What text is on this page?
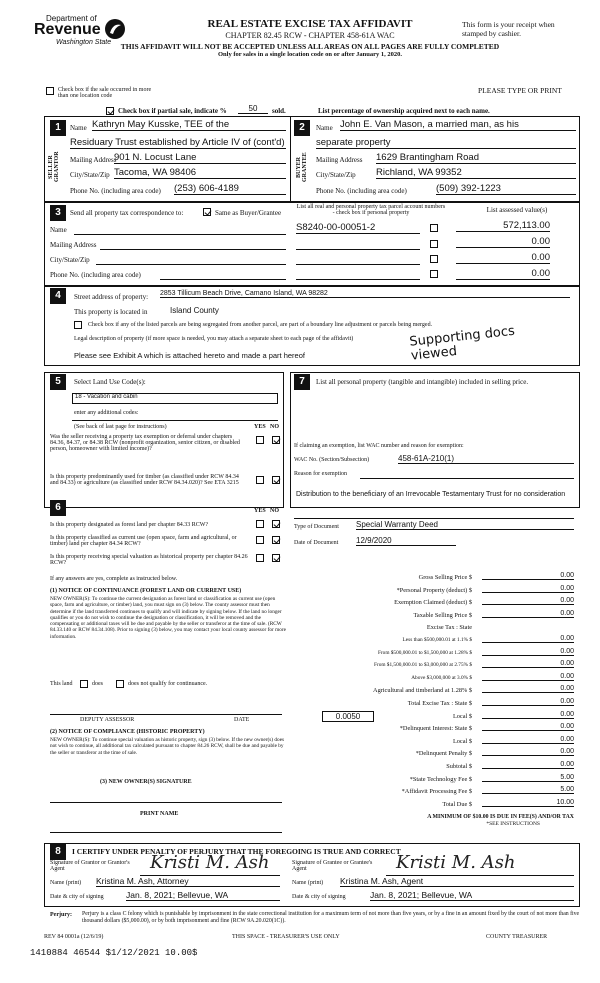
Department of
Revenue
Washington State
REAL ESTATE EXCISE TAX AFFIDAVIT
CHAPTER 82.45 RCW - CHAPTER 458-61A WAC
THIS AFFIDAVIT WILL NOT BE ACCEPTED UNLESS ALL AREAS ON ALL PAGES ARE FULLY COMPLETED
Only for sales in a single location code on or after January 1, 2020.
This form is your receipt when stamped by cashier.
PLEASE TYPE OR PRINT
Check box if the sale occurred in more than one location code
Check box if partial sale, indicate %	50	sold.	List percentage of ownership acquired next to each name.
1
SELLER GRANTOR
Name Kathryn May Kusske, TEE of the
Residuary Trust established by Article IV of (cont'd)
Mailing Address
901 N. Locust Lane
City/State/Zip Tacoma, WA 98406
Phone No. (including area code) (253) 606-4189
2
BUYER GRANTEE
Name John E. Van Mason, a married man, as his
separate property
Mailing Address 1629 Brantingham Road
City/State/Zip Richland, WA 99352
Phone No. (including area code)	(509) 392-1223
3	Send all property tax correspondence to:	Same as Buyer/Grantee
List all real and personal property tax parcel account numbers - check box if personal property	List assessed value(s)
Name
Mailing Address
City/State/Zip
Phone No. (including area code)
S8240-00-00051-2	572,113.00
0.00
0.00
0.00
4	Street address of property: 2853 Tillicum Beach Drive, Camano Island, WA 98282
This property is located in	Island County
Check box if any of the listed parcels are being segregated from another parcel, are part of a boundary line adjustment or parcels being merged.
Legal description of property (if more space is needed, you may attach a separate sheet to each page of the affidavit)
Please see Exhibit A which is attached hereto and made a part hereof
Supporting docs viewed
5	Select Land Use Code(s):
18 - Vacation and cabin
enter any additional codes:
(See back of last page for instructions)	YES NO
Was the seller receiving a property tax exemption or deferral under chapters 84.36, 84.37, or 84.38 RCW (nonprofit organization, senior citizen, or disabled person, homeowner with limited income)?
Is this property predominantly used for timber (as classified under RCW 84.34 and 84.33) or agriculture (as classified under RCW 84.34.020)? See ETA 3215
6	YES NO
Is this property designated as forest land per chapter 84.33 RCW?
Is this property classified as current use (open space, farm and agricultural, or timber) land per chapter 84.34 RCW?
Is this property receiving special valuation as historical property per chapter 84.26 RCW?
If any answers are yes, complete as instructed below.
(1) NOTICE OF CONTINUANCE (FOREST LAND OR CURRENT USE)
NEW OWNER(S): To continue the current designation as forest land or classification as current use (open space, farm and agriculture, or timber) land, you must sign on (3) below. The county assessor must then determine if the land transferred continues to qualify and will indicate by signing below. If the land no longer qualifies or you do not wish to continue the designation or classification, it will be removed and the compensating or additional taxes will be due and payable by the seller or transferor at the time of sale. (RCW 84.33.140 or RCW 84.34.108). Prior to signing (3) below, you may contact your local county assessor for more information.
This land	does	does not qualify for continuance.
DEPUTY ASSESSOR	DATE
(2) NOTICE OF COMPLIANCE (HISTORIC PROPERTY)
NEW OWNER(S): To continue special valuation as historic property, sign (3) below. If the new owner(s) does not wish to continue, all additional tax calculated pursuant to chapter 84.26 RCW, shall be due and payable by the seller or transferor at the time of sale.
(3) NEW OWNER(S) SIGNATURE
PRINT NAME
7	List all personal property (tangible and intangible) included in selling price.
If claiming an exemption, list WAC number and reason for exemption:
WAC No. (Section/Subsection)	458-61A-210(1)
Reason for exemption
Distribution to the beneficiary of an Irrevocable Testamentary Trust for no consideration
Type of Document Special Warranty Deed
Date of Document 12/9/2020
Gross Selling Price $	0.00
*Personal Property (deduct) $	0.00
Exemption Claimed (deduct) $	0.00
Taxable Selling Price $	0.00
Excise Tax : State
Less than $500,000.01 at 1.1% $	0.00
From $500,000.01 to $1,500,000 at 1.28% $	0.00
From $1,500,000.01 to $3,000,000 at 2.75% $	0.00
Above $3,000,000 at 3.0% $	0.00
Agricultural and timberland at 1.28% $	0.00
Total Excise Tax : State $	0.00
0.0050	Local $	0.00
*Delinquent Interest: State $	0.00
Local $	0.00
*Delinquent Penalty $	0.00
Subtotal $	0.00
*State Technology Fee $	5.00
*Affidavit Processing Fee $	5.00
Total Due $	10.00
A MINIMUM OF $10.00 IS DUE IN FEE(S) AND/OR TAX
*SEE INSTRUCTIONS
8	I CERTIFY UNDER PENALTY OF PERJURY THAT THE FOREGOING IS TRUE AND CORRECT
Signature of Grantor or Grantor's Agent	Kristi M. Ash	Signature of Grantee or Grantee's Agent	Kristi M. Ash
Name (print) Kristina M. Ash, Attorney	Name (print) Kristina M. Ash, Agent
Date & city of signing	Jan. 8, 2021; Bellevue, WA	Date & city of signing	Jan. 8, 2021; Bellevue, WA
Perjury: Perjury is a class C felony which is punishable by imprisonment in the state correctional institution for a maximum term of not more than five years, or by a fine in an amount fixed by the court of not more than five thousand dollars ($5,000.00), or by both imprisonment and fine (RCW 9A.20.020(1C)).
REV 84 0001a (12/6/19)	THIS SPACE - TREASURER'S USE ONLY	COUNTY TREASURER
1410884 46544 $1/12/2021 10.00$
